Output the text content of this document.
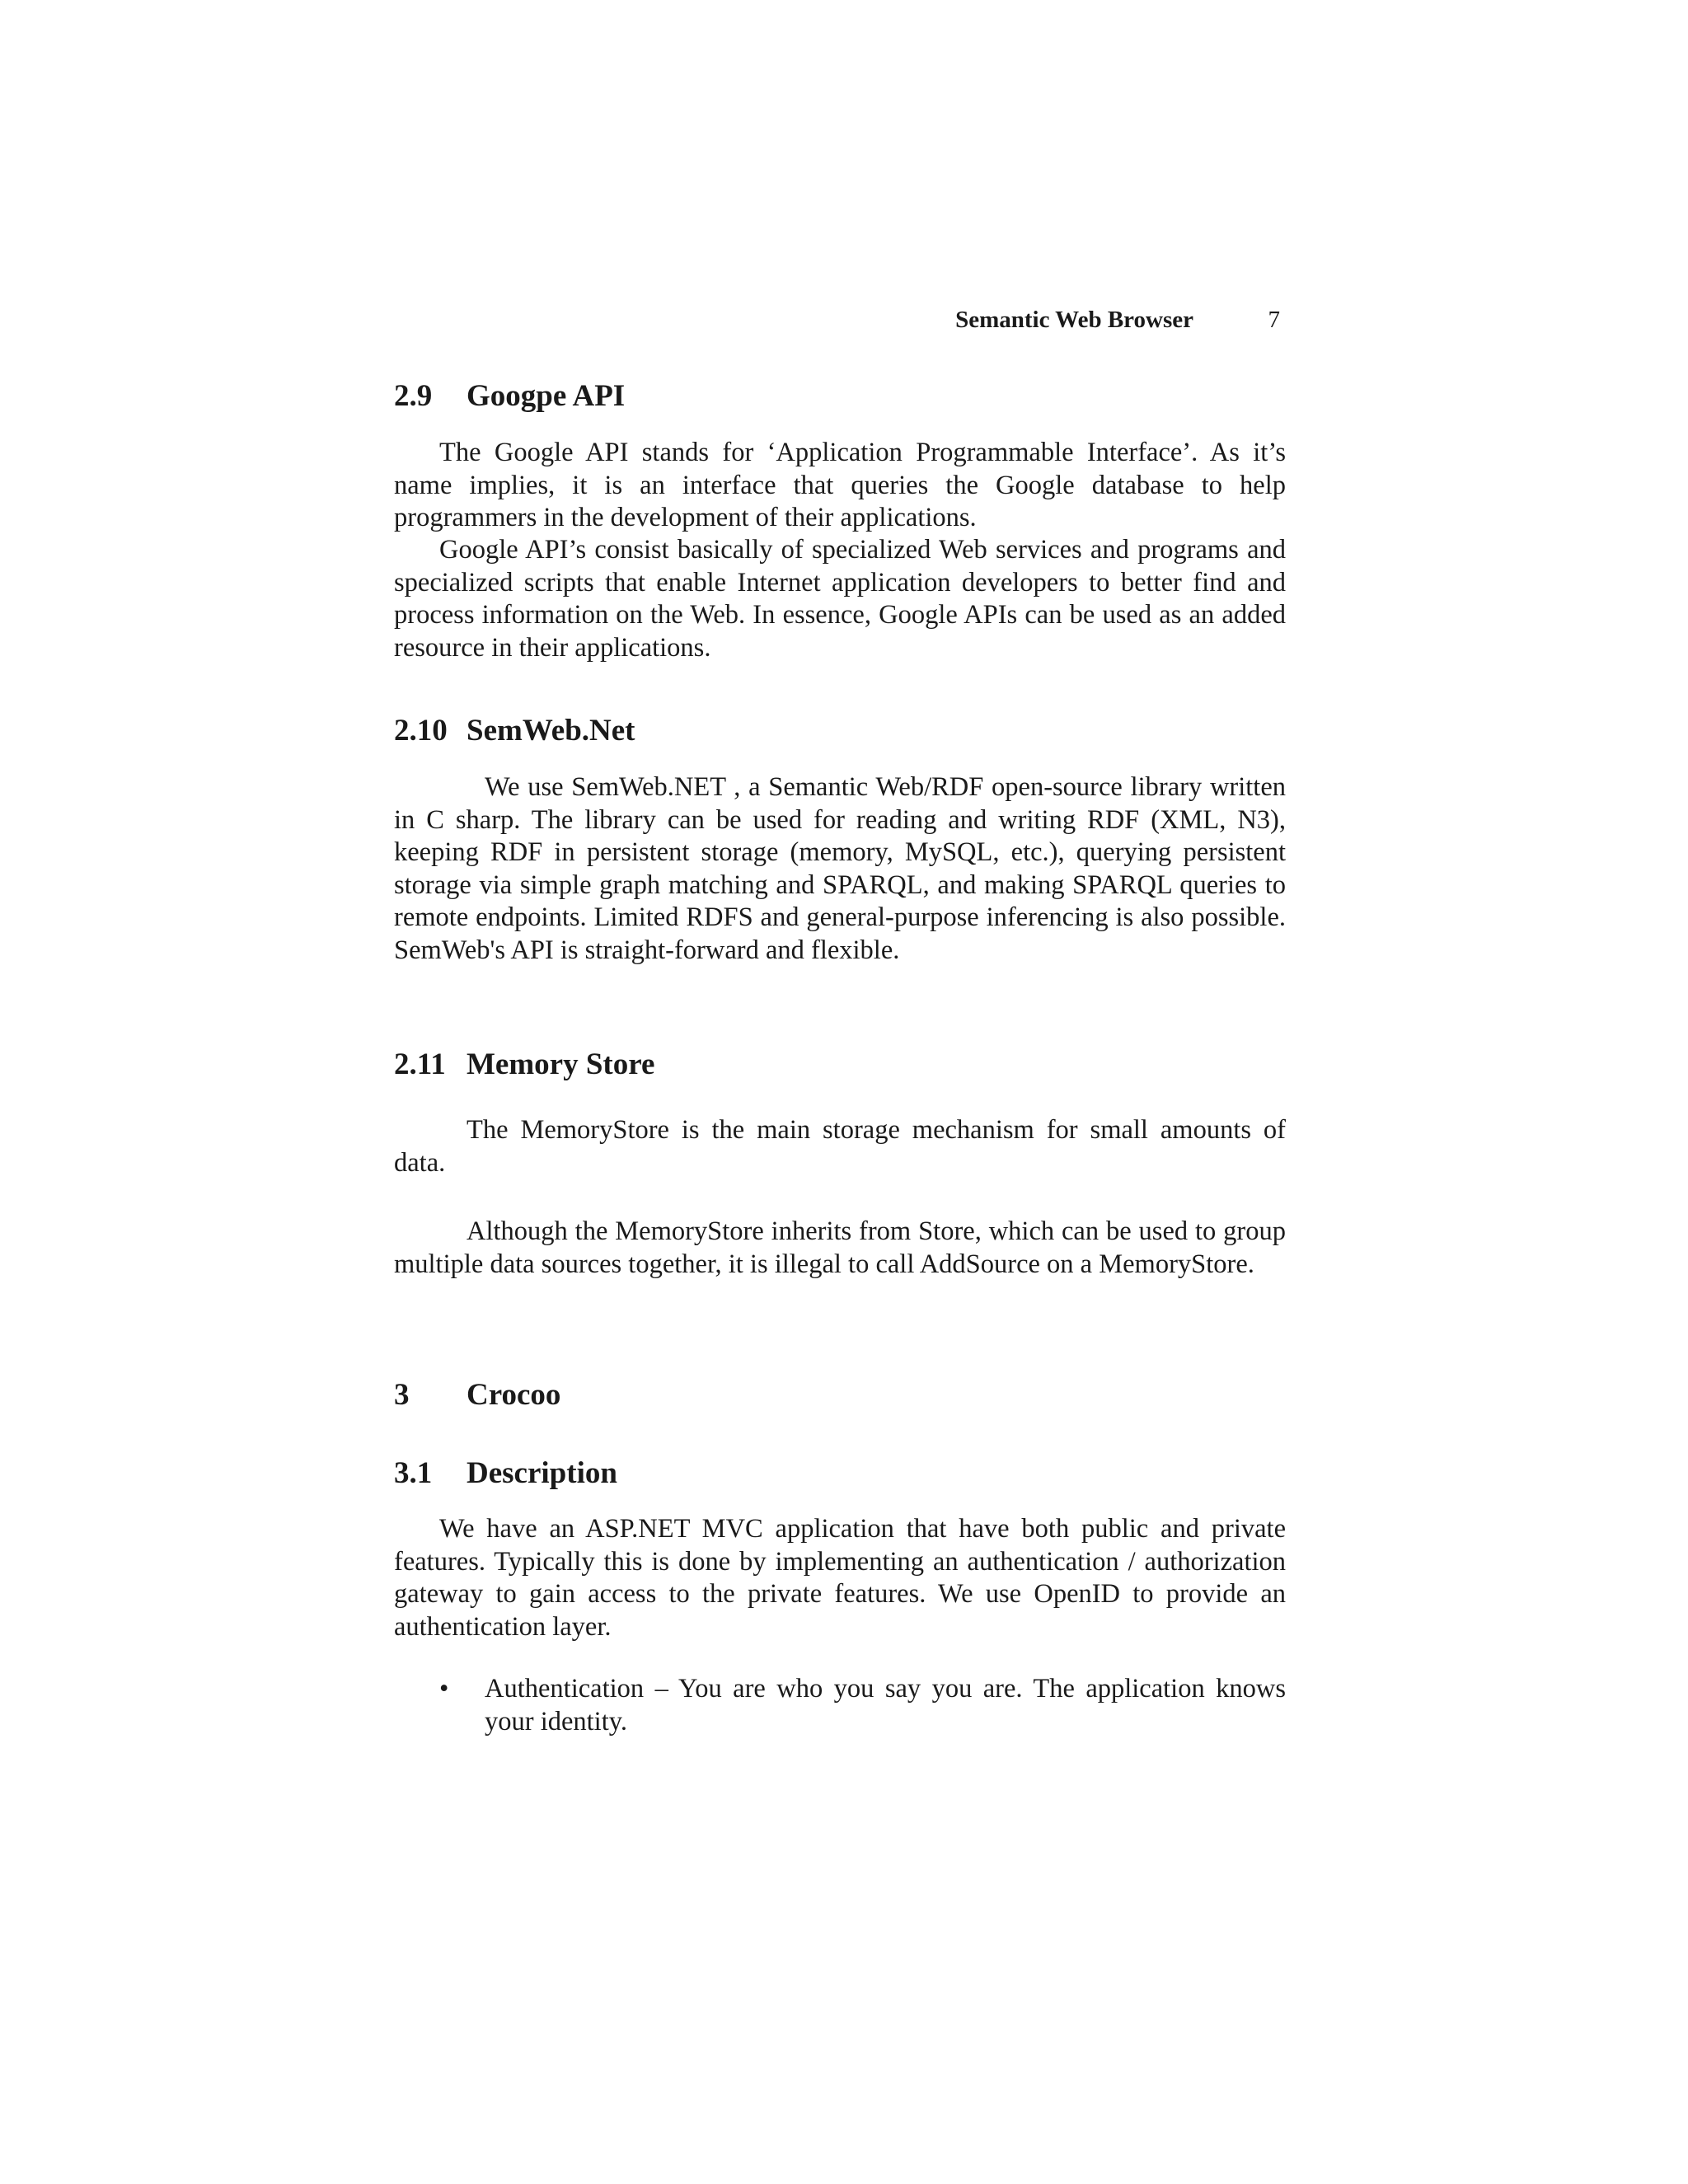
Semantic Web Browser	7
2.9 Googpe API

The Google API stands for ‘Application Programmable Interface’. As it’s name implies, it is an interface that queries the Google database to help programmers in the development of their applications.

Google API’s consist basically of specialized Web services and programs and specialized scripts that enable Internet application developers to better find and process information on the Web. In essence, Google APIs can be used as an added resource in their applications.

2.10 SemWeb.Net

We use SemWeb.NET , a Semantic Web/RDF open-source library written in C sharp. The library can be used for reading and writing RDF (XML, N3), keeping RDF in persistent storage (memory, MySQL, etc.), querying persistent storage via simple graph matching and SPARQL, and making SPARQL queries to remote endpoints. Limited RDFS and general-purpose inferencing is also possible. SemWeb's API is straight-forward and flexible.

2.11 Memory Store

The MemoryStore is the main storage mechanism for small amounts of data.

Although the MemoryStore inherits from Store, which can be used to group multiple data sources together, it is illegal to call AddSource on a MemoryStore.

3 Crocoo
3.1 Description

We have an ASP.NET MVC application that have both public and private features. Typically this is done by implementing an authentication / authorization gateway to gain access to the private features. We use OpenID to provide an authentication layer.

• Authentication – You are who you say you are. The application knows your identity.
